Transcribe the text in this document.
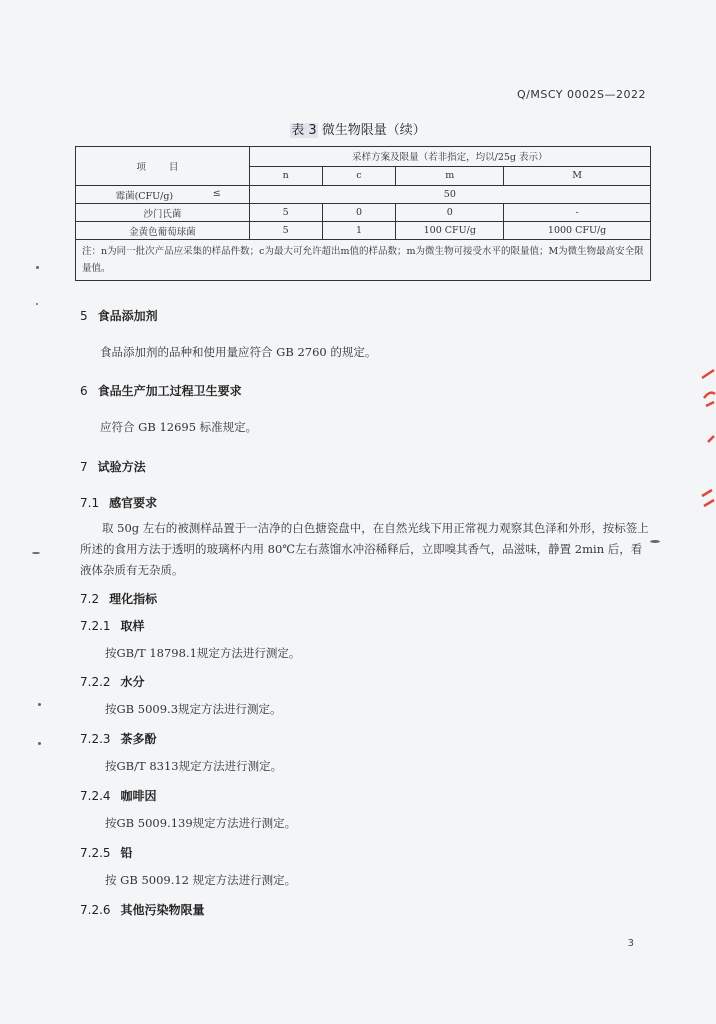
Q/MSCY 0002S—2022
表 3 微生物限量（续）
项 目	采样方案及限量（若非指定，均以/25g 表示）			
	n	c	m	M
霉菌(CFU/g) ≤	50			
沙门氏菌	5	0	0	-
金黄色葡萄球菌	5	1	100 CFU/g	1000 CFU/g
注：n为同一批次产品应采集的样品件数；c为最大可允许超出m值的样品数；m为微生物可接受水平的限量值；M为微生物最高安全限量值。				
5 食品添加剂
食品添加剂的品种和使用量应符合 GB 2760 的规定。
6 食品生产加工过程卫生要求
应符合 GB 12695 标准规定。
7 试验方法
7.1 感官要求
取 50g 左右的被测样品置于一洁净的白色搪瓷盘中，在自然光线下用正常视力观察其色泽和外形，按标签上所述的食用方法于透明的玻璃杯内用 80℃左右蒸馏水冲浴稀释后，立即嗅其香气，品滋味，静置 2min 后，看液体杂质有无杂质。
7.2 理化指标
7.2.1 取样
按GB/T 18798.1规定方法进行测定。
7.2.2 水分
按GB 5009.3规定方法进行测定。
7.2.3 茶多酚
按GB/T 8313规定方法进行测定。
7.2.4 咖啡因
按GB 5009.139规定方法进行测定。
7.2.5 铅
按 GB 5009.12 规定方法进行测定。
7.2.6 其他污染物限量
3
